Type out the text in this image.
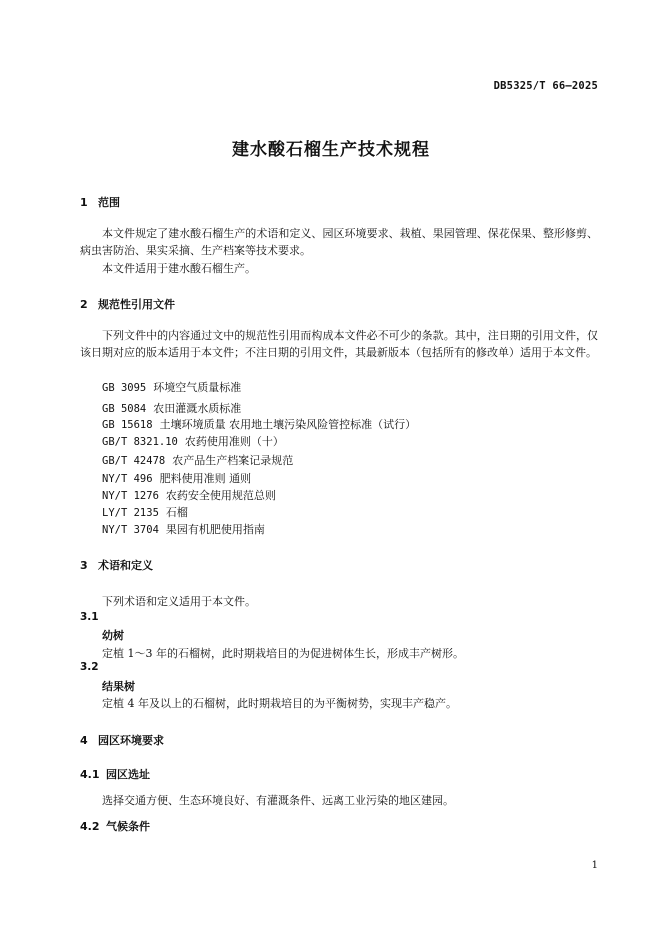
DB5325/T 66—2025
建水酸石榴生产技术规程
1 范围
本文件规定了建水酸石榴生产的术语和定义、园区环境要求、栽植、果园管理、保花保果、整形修剪、病虫害防治、果实采摘、生产档案等技术要求。
本文件适用于建水酸石榴生产。
2 规范性引用文件
下列文件中的内容通过文中的规范性引用而构成本文件必不可少的条款。其中，注日期的引用文件，仅该日期对应的版本适用于本文件；不注日期的引用文件，其最新版本（包括所有的修改单）适用于本文件。
GB 3095 环境空气质量标准
GB 5084 农田灌溉水质标准
GB 15618 土壤环境质量 农用地土壤污染风险管控标准（试行）
GB/T 8321.10 农药使用准则（十）
GB/T 42478 农产品生产档案记录规范
NY/T 496 肥料使用准则 通则
NY/T 1276 农药安全使用规范总则
LY/T 2135 石榴
NY/T 3704 果园有机肥使用指南
3 术语和定义
下列术语和定义适用于本文件。
3.1
幼树
定植 1～3 年的石榴树，此时期栽培目的为促进树体生长，形成丰产树形。
3.2
结果树
定植 4 年及以上的石榴树，此时期栽培目的为平衡树势，实现丰产稳产。
4 园区环境要求
4.1 园区选址
选择交通方便、生态环境良好、有灌溉条件、远离工业污染的地区建园。
4.2 气候条件
1
